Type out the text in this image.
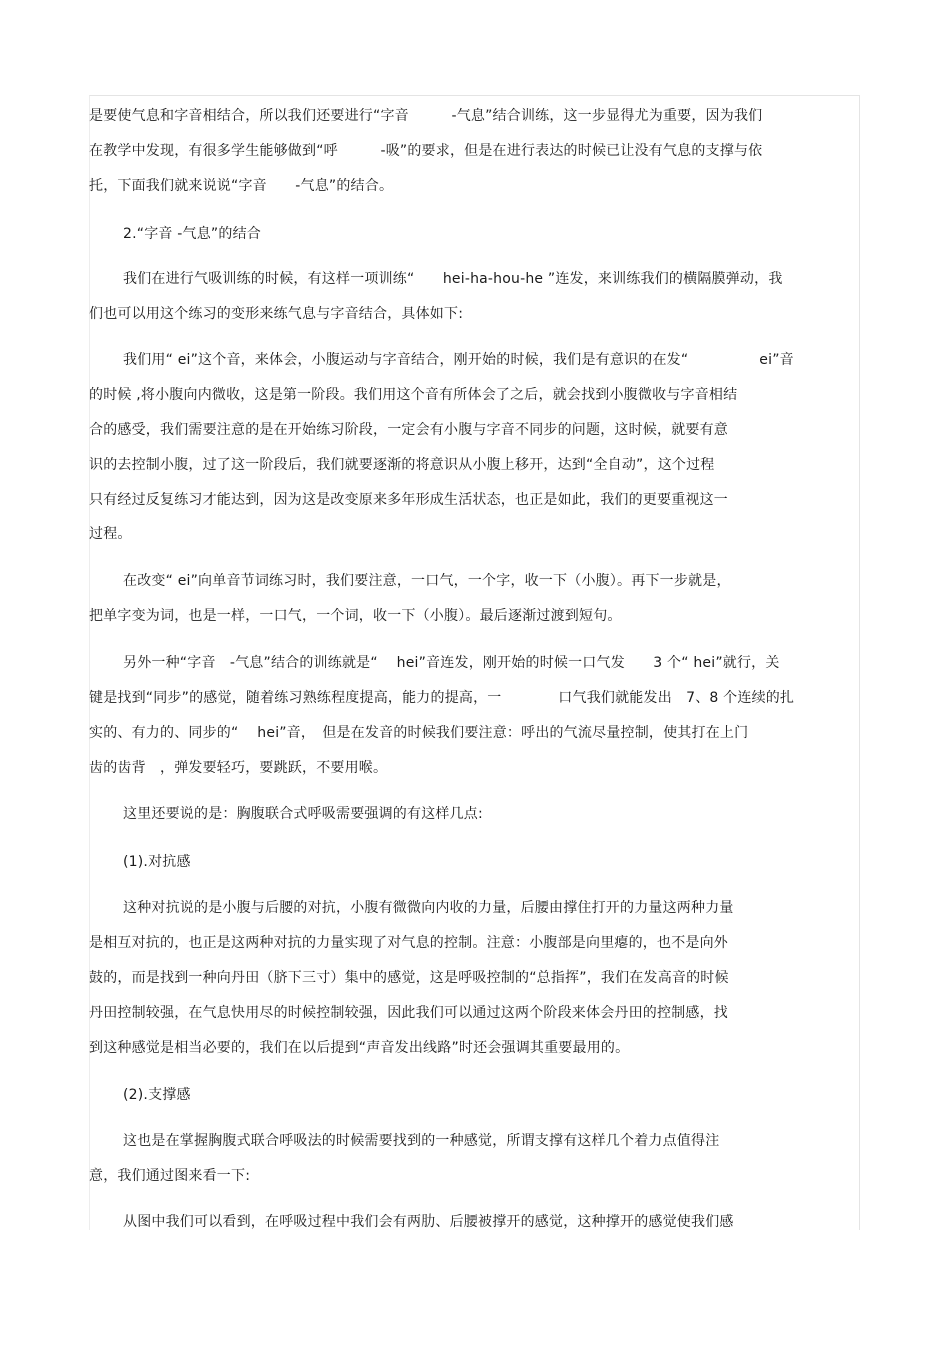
是要使气息和字音相结合，所以我们还要进行“字音　　　-气息”结合训练，这一步显得尤为重要，因为我们
在教学中发现，有很多学生能够做到“呼　　　-吸”的要求，但是在进行表达的时候已让没有气息的支撑与依
托，下面我们就来说说“字音　　-气息”的结合。
2.“字音 -气息”的结合
我们在进行气吸训练的时候，有这样一项训练“　　hei-ha-hou-he ”连发，来训练我们的横隔膜弹动，我
们也可以用这个练习的变形来练气息与字音结合，具体如下:
我们用“ ei”这个音，来体会，小腹运动与字音结合，刚开始的时候，我们是有意识的在发“　　　　　ei”音
的时候 ,将小腹向内微收，这是第一阶段。我们用这个音有所体会了之后，就会找到小腹微收与字音相结
合的感受，我们需要注意的是在开始练习阶段，一定会有小腹与字音不同步的问题，这时候，就要有意
识的去控制小腹，过了这一阶段后，我们就要逐渐的将意识从小腹上移开，达到“全自动”，这个过程
只有经过反复练习才能达到，因为这是改变原来多年形成生活状态，也正是如此，我们的更要重视这一
过程。
在改变“ ei”向单音节词练习时，我们要注意，一口气，一个字，收一下（小腹）。再下一步就是，
把单字变为词，也是一样，一口气，一个词，收一下（小腹）。最后逐渐过渡到短句。
另外一种“字音　-气息”结合的训练就是“　 hei”音连发，刚开始的时候一口气发　　3 个“ hei”就行，关
键是找到“同步”的感觉，随着练习熟练程度提高，能力的提高，一　　　　口气我们就能发出　7、8 个连续的扎
实的、有力的、同步的“　 hei”音，　但是在发音的时候我们要注意：呼出的气流尽量控制，使其打在上门
齿的齿背　，弹发要轻巧，要跳跃，不要用喉。
这里还要说的是：胸腹联合式呼吸需要强调的有这样几点:
(1).对抗感
这种对抗说的是小腹与后腰的对抗，小腹有微微向内收的力量，后腰由撑住打开的力量这两种力量
是相互对抗的，也正是这两种对抗的力量实现了对气息的控制。注意：小腹部是向里瘪的，也不是向外
鼓的，而是找到一种向丹田（脐下三寸）集中的感觉，这是呼吸控制的“总指挥”，我们在发高音的时候
丹田控制较强，在气息快用尽的时候控制较强，因此我们可以通过这两个阶段来体会丹田的控制感，找
到这种感觉是相当必要的，我们在以后提到“声音发出线路”时还会强调其重要最用的。
(2).支撑感
这也是在掌握胸腹式联合呼吸法的时候需要找到的一种感觉，所谓支撑有这样几个着力点值得注
意，我们通过图来看一下:
从图中我们可以看到，在呼吸过程中我们会有两肋、后腰被撑开的感觉，这种撑开的感觉使我们感
